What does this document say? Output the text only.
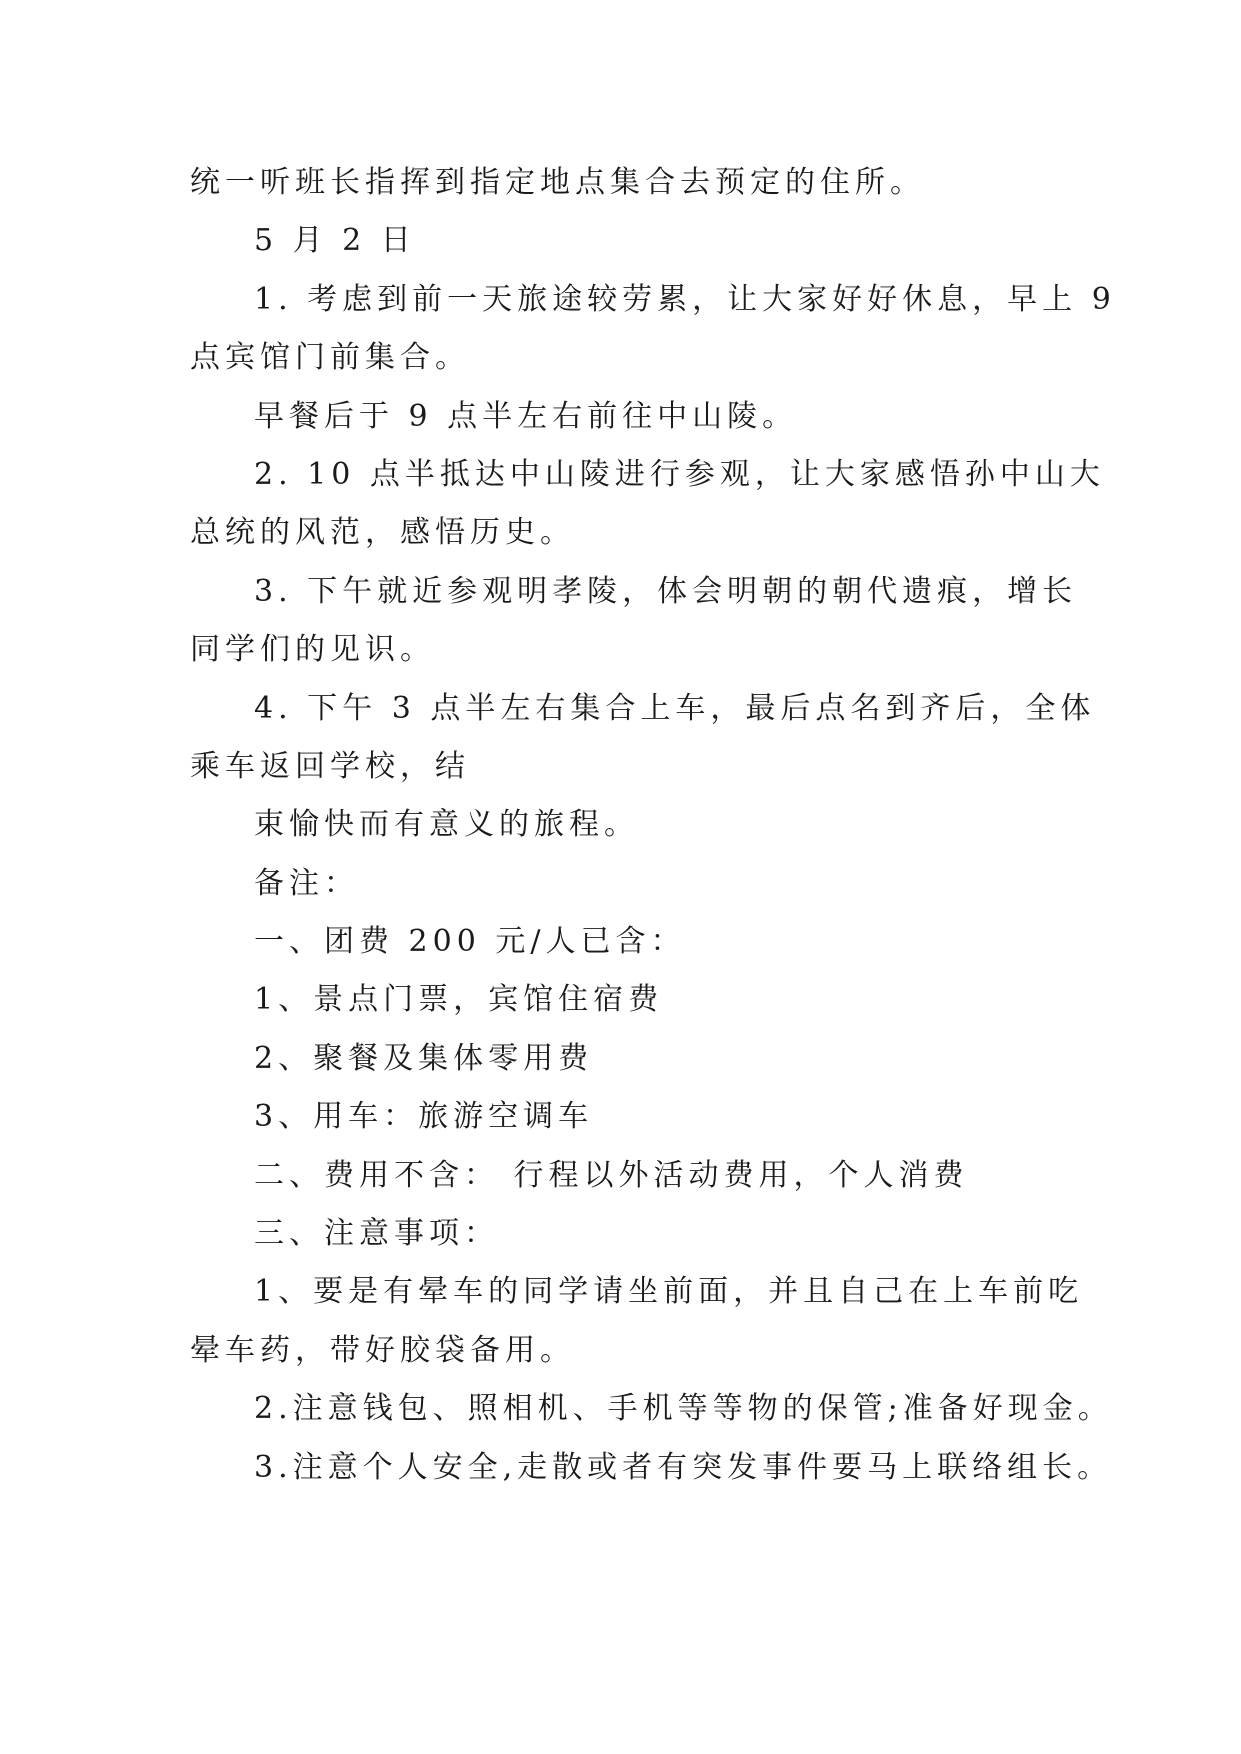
统一听班长指挥到指定地点集合去预定的住所。
5 月 2 日
1. 考虑到前一天旅途较劳累，让大家好好休息，早上 9
点宾馆门前集合。
早餐后于 9 点半左右前往中山陵。
2. 10 点半抵达中山陵进行参观，让大家感悟孙中山大
总统的风范，感悟历史。
3. 下午就近参观明孝陵，体会明朝的朝代遗痕，增长
同学们的见识。
4. 下午 3 点半左右集合上车，最后点名到齐后，全体
乘车返回学校，结
束愉快而有意义的旅程。
备注：
一、团费 200 元/人已含：
1、景点门票，宾馆住宿费
2、聚餐及集体零用费
3、用车：旅游空调车
二、费用不含： 行程以外活动费用，个人消费
三、注意事项：
1、要是有晕车的同学请坐前面，并且自己在上车前吃
晕车药，带好胶袋备用。
2.注意钱包、照相机、手机等等物的保管;准备好现金。
3.注意个人安全,走散或者有突发事件要马上联络组长。
